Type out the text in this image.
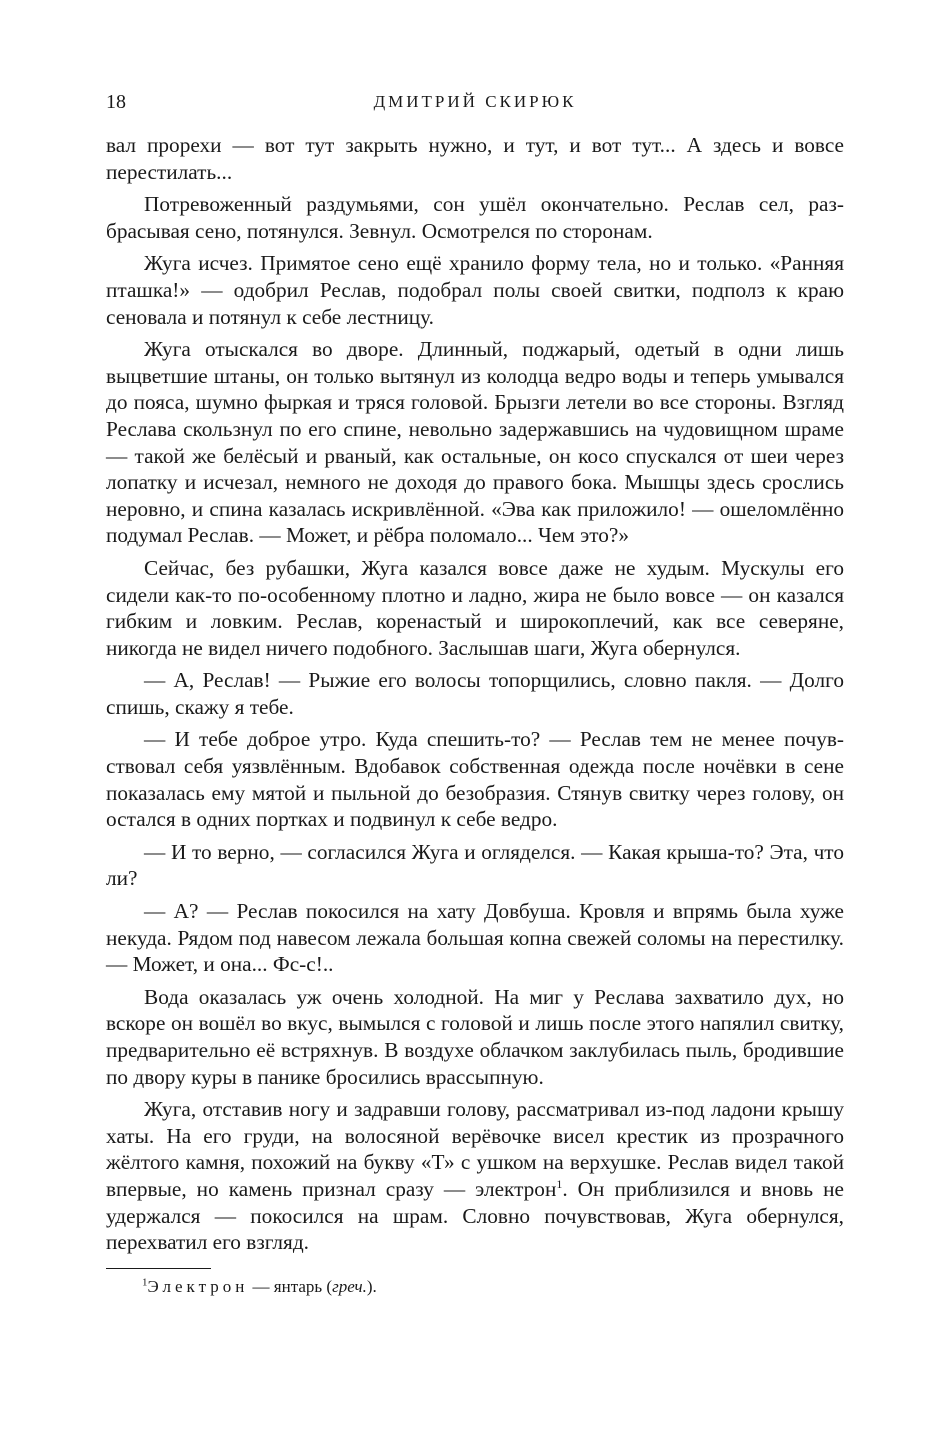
18	ДМИТРИЙ СКИРЮК

вал прорехи — вот тут закрыть нужно, и тут, и вот тут... А здесь и вовсе перестилать...

Потревоженный раздумьями, сон ушёл окончательно. Реслав сел, разбрасывая сено, потянулся. Зевнул. Осмотрелся по сторонам.

Жуга исчез. Примятое сено ещё хранило форму тела, но и только. «Ранняя пташка!» — одобрил Реслав, подобрал полы своей свитки, подполз к краю сеновала и потянул к себе лестницу.

Жуга отыскался во дворе. Длинный, поджарый, одетый в одни лишь выцветшие штаны, он только вытянул из колодца ведро воды и теперь умывался до пояса, шумно фыркая и тряся головой. Брызги летели во все стороны. Взгляд Реслава скользнул по его спине, невольно задержавшись на чудовищном шраме — такой же белёсый и рваный, как остальные, он косо спускался от шеи через лопатку и исчезал, немного не доходя до правого бока. Мышцы здесь срослись неровно, и спина казалась искривлённой. «Эва как приложило! — ошеломлённо подумал Реслав. — Может, и рёбра поломало... Чем это?»

Сейчас, без рубашки, Жуга казался вовсе даже не худым. Мускулы его сидели как-то по-особенному плотно и ладно, жира не было вовсе — он казался гибким и ловким. Реслав, коренастый и широкоплечий, как все северяне, никогда не видел ничего подобного. Заслышав шаги, Жуга обернулся.

— А, Реслав! — Рыжие его волосы топорщились, словно пакля. — Долго спишь, скажу я тебе.

— И тебе доброе утро. Куда спешить-то? — Реслав тем не менее почувствовал себя уязвлённым. Вдобавок собственная одежда после ночёвки в сене показалась ему мятой и пыльной до безобразия. Стянув свитку через голову, он остался в одних портках и подвинул к себе ведро.

— И то верно, — согласился Жуга и огляделся. — Какая крыша-то? Эта, что ли?

— А? — Реслав покосился на хату Довбуша. Кровля и впрямь была хуже некуда. Рядом под навесом лежала большая копна свежей соломы на перестилку. — Может, и она... Фс-с!..

Вода оказалась уж очень холодной. На миг у Реслава захватило дух, но вскоре он вошёл во вкус, вымылся с головой и лишь после этого напялил свитку, предварительно её встряхнув. В воздухе облачком заклубилась пыль, бродившие по двору куры в панике бросились врассыпную.

Жуга, отставив ногу и задравши голову, рассматривал из-под ладони крышу хаты. На его груди, на волосяной верёвочке висел крестик из прозрачного жёлтого камня, похожий на букву «Т» с ушком на верхушке. Реслав видел такой впервые, но камень признал сразу — электрон$^1$. Он приблизился и вновь не удержался — покосился на шрам. Словно почувствовав, Жуга обернулся, перехватил его взгляд.

$^1$Электрон — янтарь (греч.).
